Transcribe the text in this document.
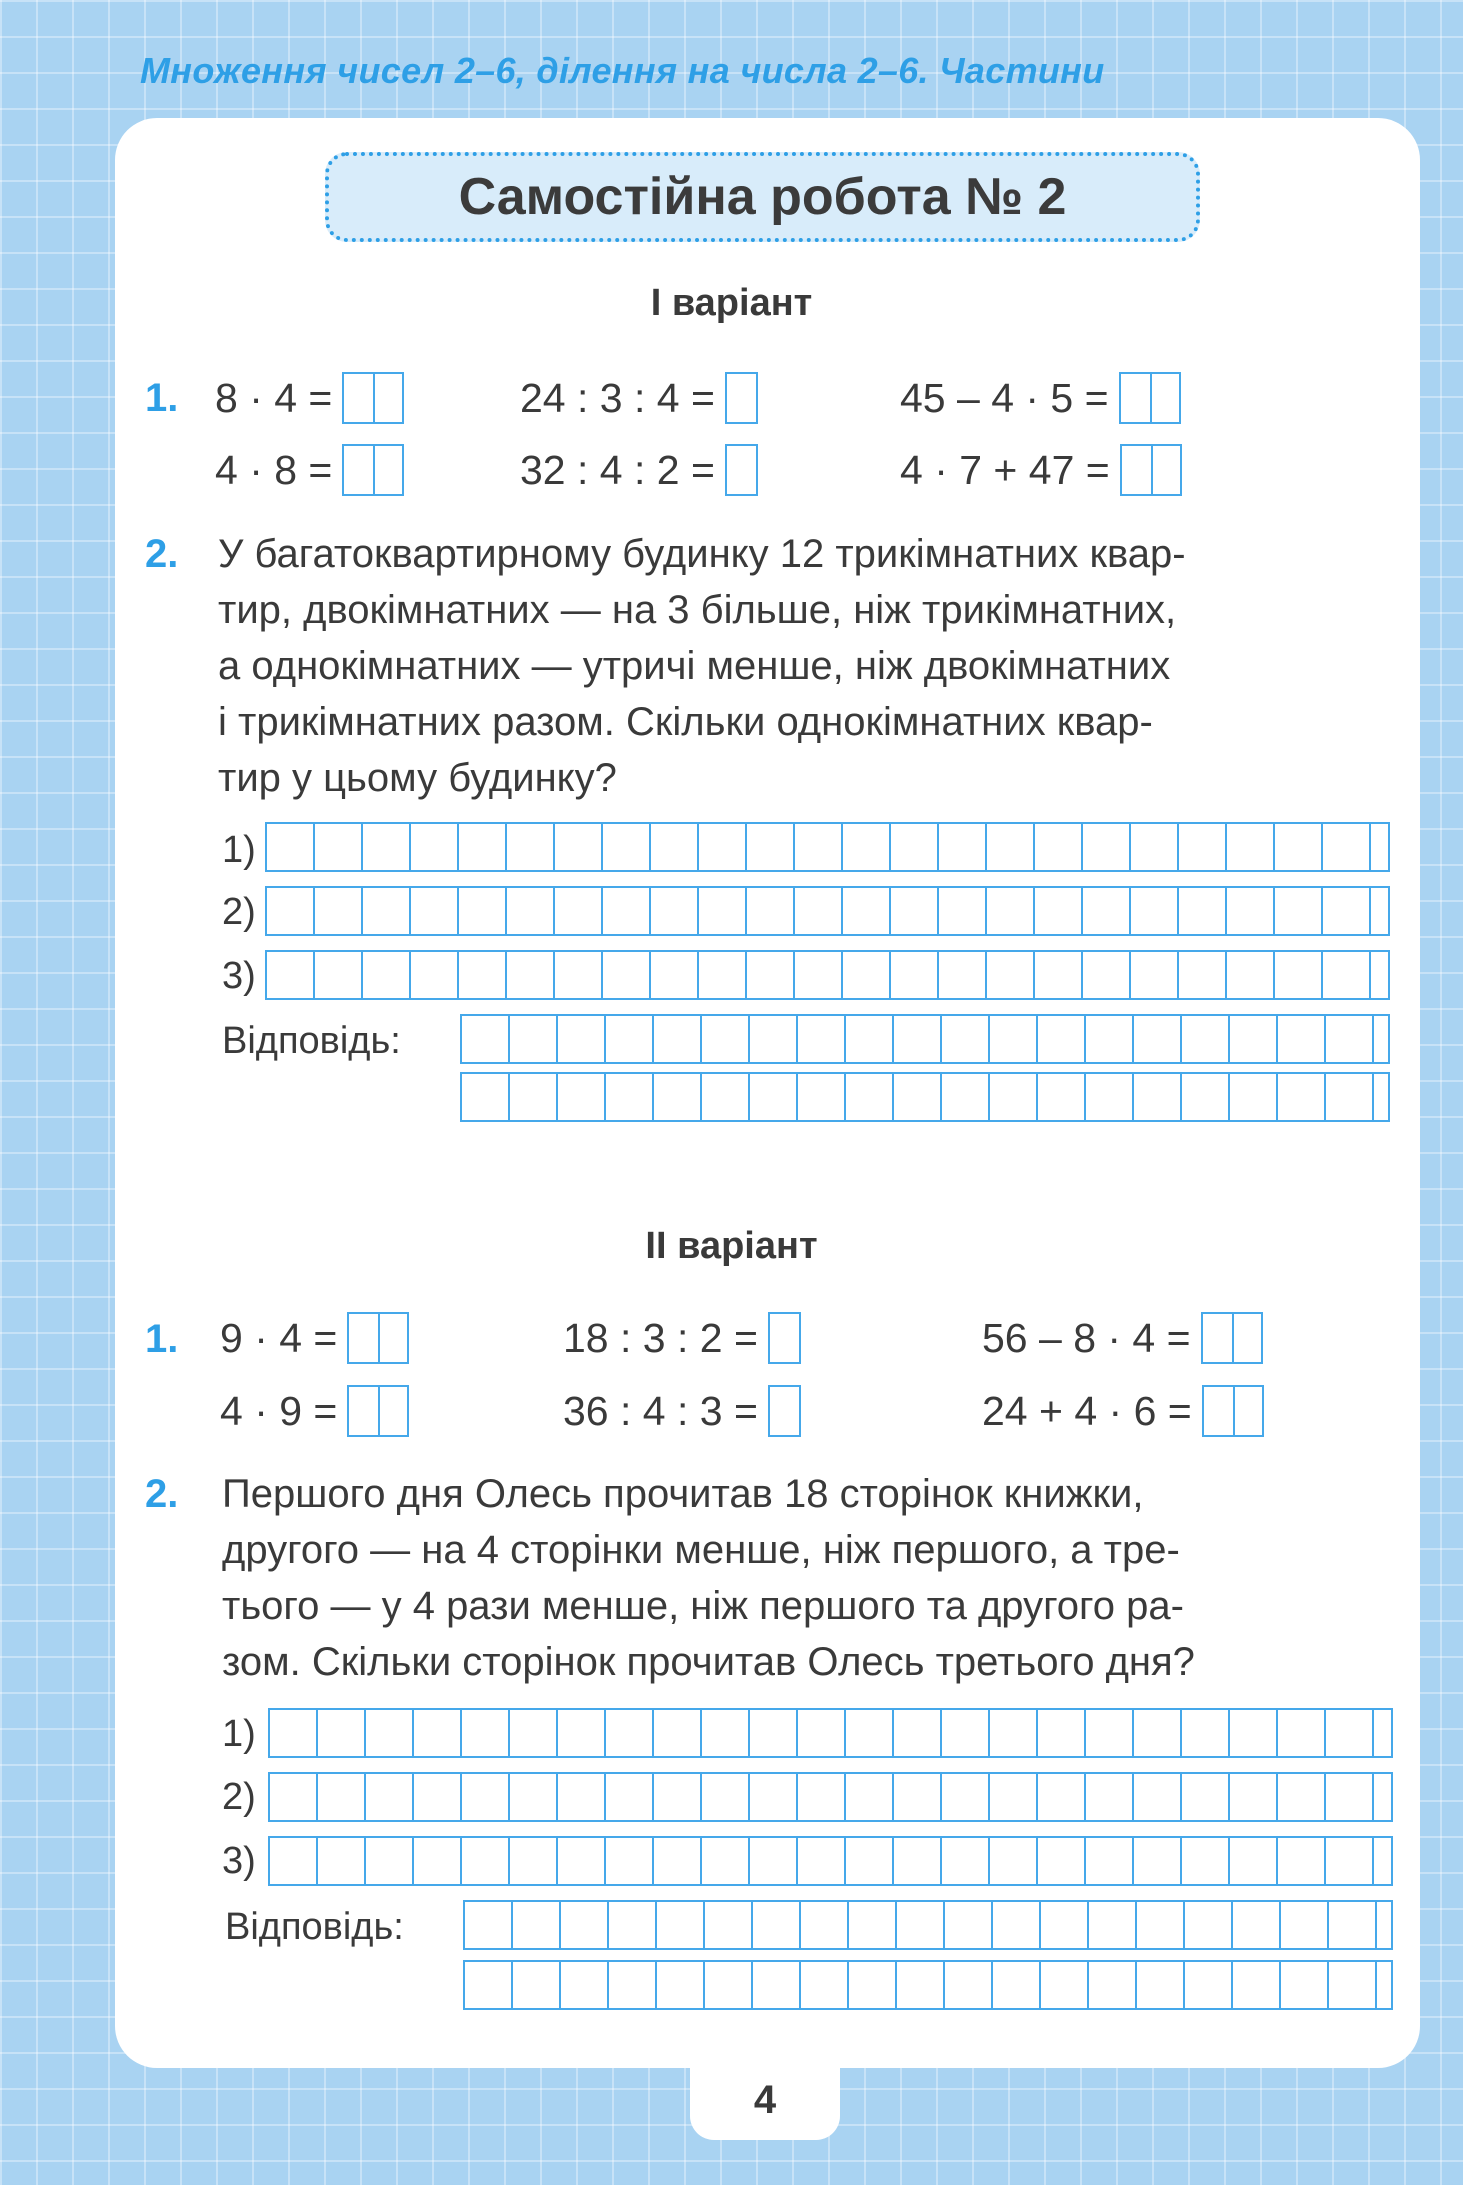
Множення чисел 2–6, ділення на числа 2–6. Частини
Самостійна робота № 2
I варіант
1. 8 · 4 =	24 : 3 : 4 =	45 – 4 · 5 =
4 · 8 =	32 : 4 : 2 =	4 · 7 + 47 =
2. У багатоквартирному будинку 12 трикімнатних квар-
тир, двокімнатних — на 3 більше, ніж трикімнатних,
а однокімнатних — утричі менше, ніж двокімнатних
і трикімнатних разом. Скільки однокімнатних квар-
тир у цьому будинку?
1)
2)
3)
Відповідь:
II варіант
1. 9 · 4 =	18 : 3 : 2 =	56 – 8 · 4 =
4 · 9 =	36 : 4 : 3 =	24 + 4 · 6 =
2. Першого дня Олесь прочитав 18 сторінок книжки,
другого — на 4 сторінки менше, ніж першого, а тре-
тього — у 4 рази менше, ніж першого та другого ра-
зом. Скільки сторінок прочитав Олесь третього дня?
1)
2)
3)
Відповідь:
4
